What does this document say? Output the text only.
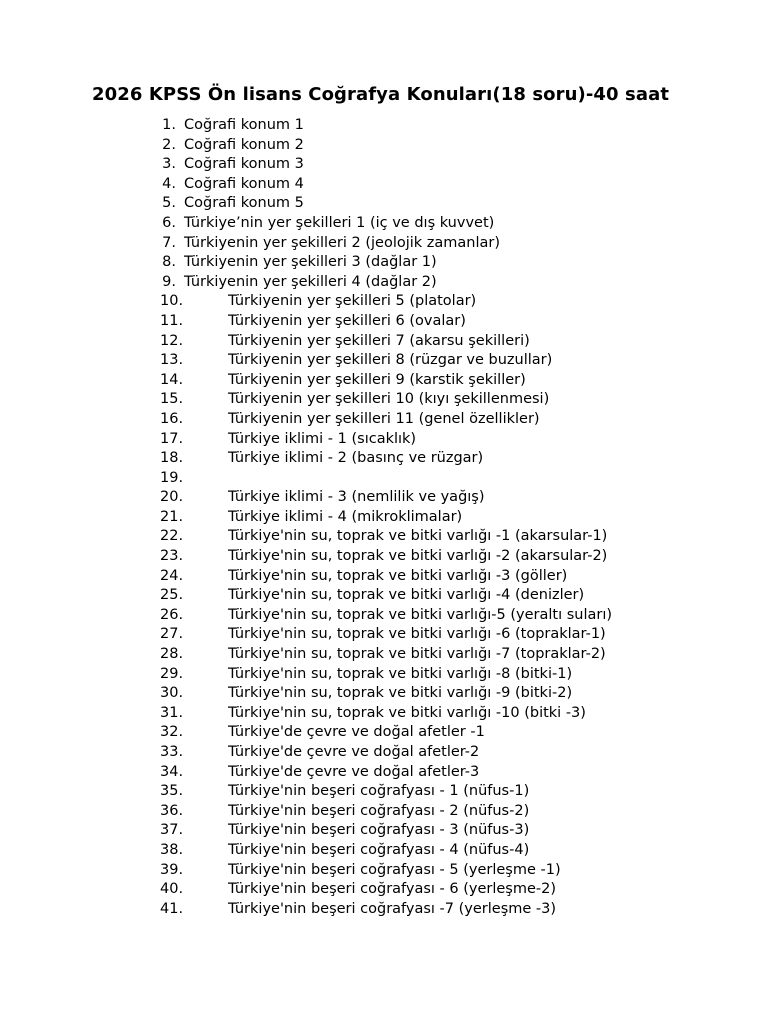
2026 KPSS Ön lisans Coğrafya Konuları(18 soru)-40 saat
1. Coğrafi konum 1
2. Coğrafi konum 2
3. Coğrafi konum 3
4. Coğrafi konum 4
5. Coğrafi konum 5
6. Türkiye’nin yer şekilleri 1 (iç ve dış kuvvet)
7. Türkiyenin yer şekilleri 2 (jeolojik zamanlar)
8. Türkiyenin yer şekilleri 3 (dağlar 1)
9. Türkiyenin yer şekilleri 4 (dağlar 2)
10.	Türkiyenin yer şekilleri 5 (platolar)
11.	Türkiyenin yer şekilleri 6 (ovalar)
12.	Türkiyenin yer şekilleri 7 (akarsu şekilleri)
13.	Türkiyenin yer şekilleri 8 (rüzgar ve buzullar)
14.	Türkiyenin yer şekilleri 9 (karstik şekiller)
15.	Türkiyenin yer şekilleri 10 (kıyı şekillenmesi)
16.	Türkiyenin yer şekilleri 11 (genel özellikler)
17.	Türkiye iklimi - 1 (sıcaklık)
18.	Türkiye iklimi - 2 (basınç ve rüzgar)
19.
20.	Türkiye iklimi - 3 (nemlilik ve yağış)
21.	Türkiye iklimi - 4 (mikroklimalar)
22.	Türkiye'nin su, toprak ve bitki varlığı -1 (akarsular-1)
23.	Türkiye'nin su, toprak ve bitki varlığı -2 (akarsular-2)
24.	Türkiye'nin su, toprak ve bitki varlığı -3 (göller)
25.	Türkiye'nin su, toprak ve bitki varlığı -4 (denizler)
26.	Türkiye'nin su, toprak ve bitki varlığı-5 (yeraltı suları)
27.	Türkiye'nin su, toprak ve bitki varlığı -6 (topraklar-1)
28.	Türkiye'nin su, toprak ve bitki varlığı -7 (topraklar-2)
29.	Türkiye'nin su, toprak ve bitki varlığı -8 (bitki-1)
30.	Türkiye'nin su, toprak ve bitki varlığı -9 (bitki-2)
31.	Türkiye'nin su, toprak ve bitki varlığı -10 (bitki -3)
32.	Türkiye'de çevre ve doğal afetler -1
33.	Türkiye'de çevre ve doğal afetler-2
34.	Türkiye'de çevre ve doğal afetler-3
35.	Türkiye'nin beşeri coğrafyası - 1 (nüfus-1)
36.	Türkiye'nin beşeri coğrafyası - 2 (nüfus-2)
37.	Türkiye'nin beşeri coğrafyası - 3 (nüfus-3)
38.	Türkiye'nin beşeri coğrafyası - 4 (nüfus-4)
39.	Türkiye'nin beşeri coğrafyası - 5 (yerleşme -1)
40.	Türkiye'nin beşeri coğrafyası - 6 (yerleşme-2)
41.	Türkiye'nin beşeri coğrafyası -7 (yerleşme -3)
